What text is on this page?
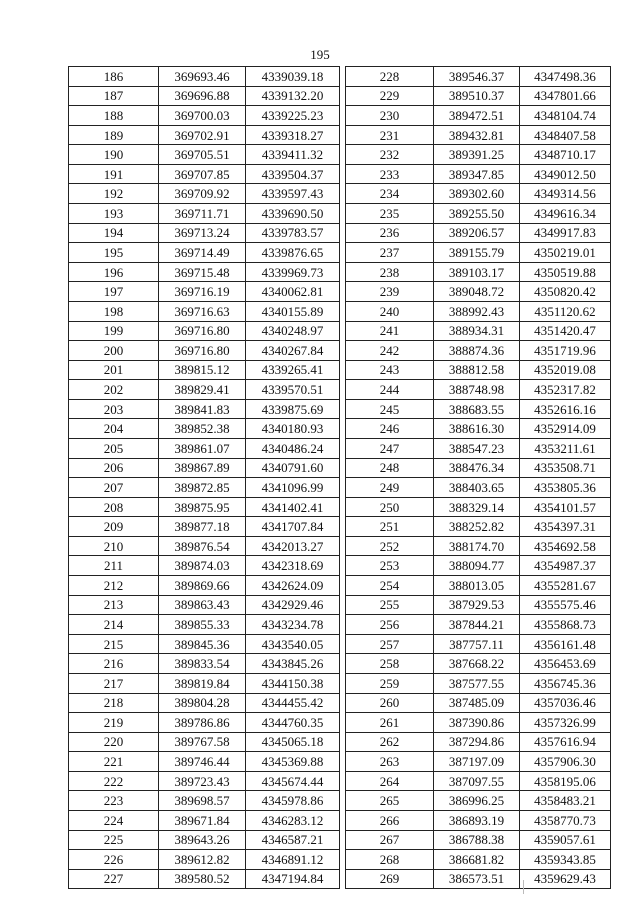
195
186	369693.46	4339039.18
187	369696.88	4339132.20
188	369700.03	4339225.23
189	369702.91	4339318.27
190	369705.51	4339411.32
191	369707.85	4339504.37
192	369709.92	4339597.43
193	369711.71	4339690.50
194	369713.24	4339783.57
195	369714.49	4339876.65
196	369715.48	4339969.73
197	369716.19	4340062.81
198	369716.63	4340155.89
199	369716.80	4340248.97
200	369716.80	4340267.84
201	389815.12	4339265.41
202	389829.41	4339570.51
203	389841.83	4339875.69
204	389852.38	4340180.93
205	389861.07	4340486.24
206	389867.89	4340791.60
207	389872.85	4341096.99
208	389875.95	4341402.41
209	389877.18	4341707.84
210	389876.54	4342013.27
211	389874.03	4342318.69
212	389869.66	4342624.09
213	389863.43	4342929.46
214	389855.33	4343234.78
215	389845.36	4343540.05
216	389833.54	4343845.26
217	389819.84	4344150.38
218	389804.28	4344455.42
219	389786.86	4344760.35
220	389767.58	4345065.18
221	389746.44	4345369.88
222	389723.43	4345674.44
223	389698.57	4345978.86
224	389671.84	4346283.12
225	389643.26	4346587.21
226	389612.82	4346891.12
227	389580.52	4347194.84
228	389546.37	4347498.36
229	389510.37	4347801.66
230	389472.51	4348104.74
231	389432.81	4348407.58
232	389391.25	4348710.17
233	389347.85	4349012.50
234	389302.60	4349314.56
235	389255.50	4349616.34
236	389206.57	4349917.83
237	389155.79	4350219.01
238	389103.17	4350519.88
239	389048.72	4350820.42
240	388992.43	4351120.62
241	388934.31	4351420.47
242	388874.36	4351719.96
243	388812.58	4352019.08
244	388748.98	4352317.82
245	388683.55	4352616.16
246	388616.30	4352914.09
247	388547.23	4353211.61
248	388476.34	4353508.71
249	388403.65	4353805.36
250	388329.14	4354101.57
251	388252.82	4354397.31
252	388174.70	4354692.58
253	388094.77	4354987.37
254	388013.05	4355281.67
255	387929.53	4355575.46
256	387844.21	4355868.73
257	387757.11	4356161.48
258	387668.22	4356453.69
259	387577.55	4356745.36
260	387485.09	4357036.46
261	387390.86	4357326.99
262	387294.86	4357616.94
263	387197.09	4357906.30
264	387097.55	4358195.06
265	386996.25	4358483.21
266	386893.19	4358770.73
267	386788.38	4359057.61
268	386681.82	4359343.85
269	386573.51	4359629.43
